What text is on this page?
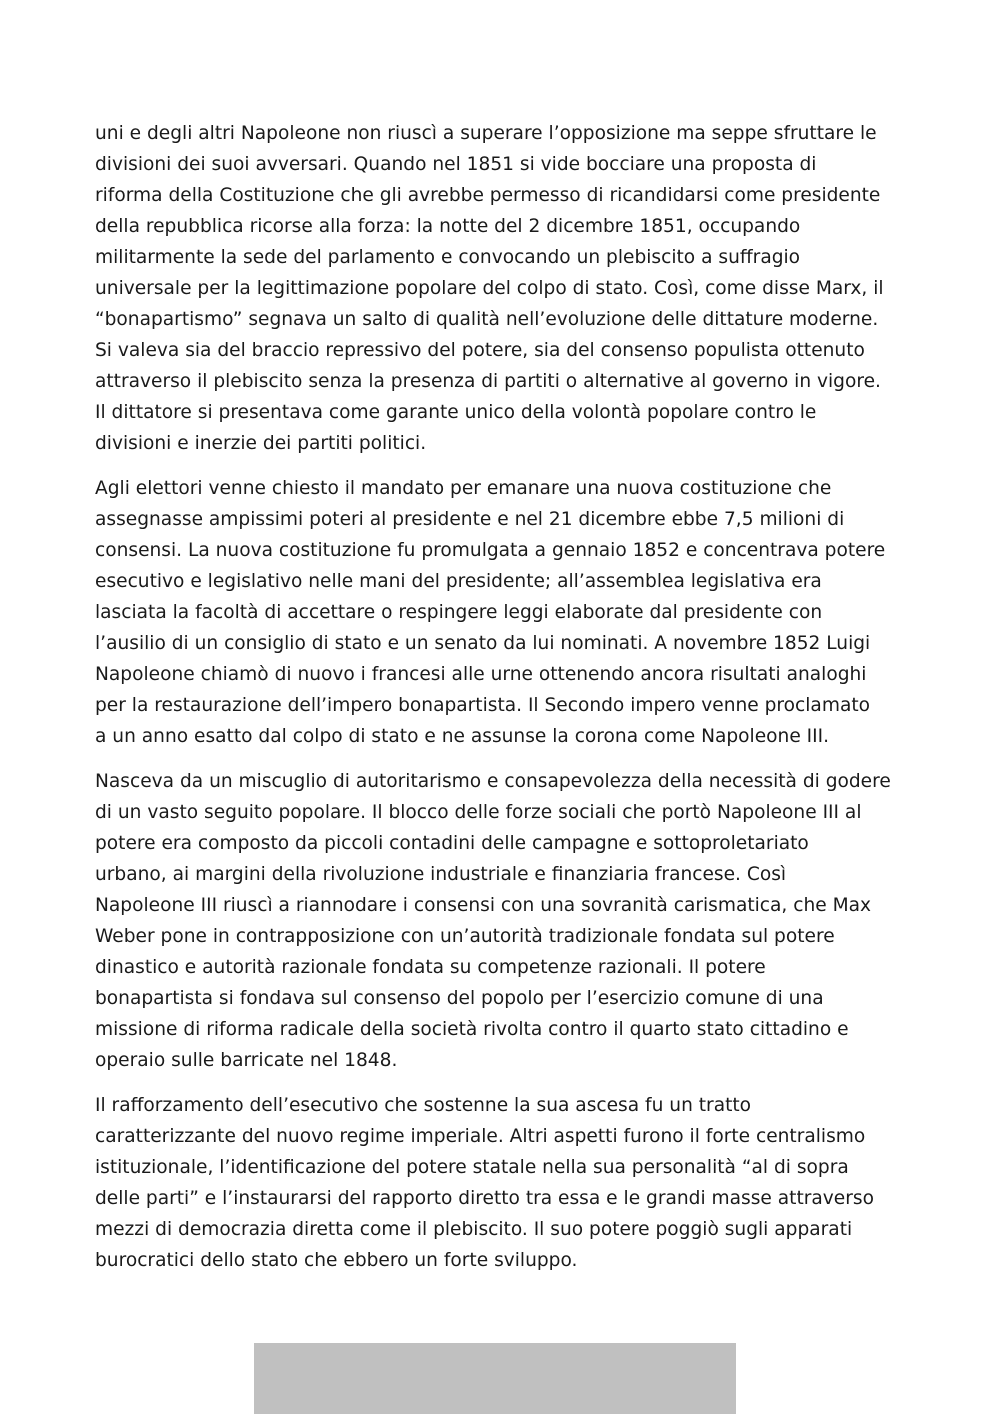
uni e degli altri Napoleone non riuscì a superare l’opposizione ma seppe sfruttare le
divisioni dei suoi avversari. Quando nel 1851 si vide bocciare una proposta di
riforma della Costituzione che gli avrebbe permesso di ricandidarsi come presidente
della repubblica ricorse alla forza: la notte del 2 dicembre 1851, occupando
militarmente la sede del parlamento e convocando un plebiscito a suffragio
universale per la legittimazione popolare del colpo di stato. Così, come disse Marx, il
“bonapartismo” segnava un salto di qualità nell’evoluzione delle dittature moderne.
Si valeva sia del braccio repressivo del potere, sia del consenso populista ottenuto
attraverso il plebiscito senza la presenza di partiti o alternative al governo in vigore.
Il dittatore si presentava come garante unico della volontà popolare contro le
divisioni e inerzie dei partiti politici.

Agli elettori venne chiesto il mandato per emanare una nuova costituzione che
assegnasse ampissimi poteri al presidente e nel 21 dicembre ebbe 7,5 milioni di
consensi. La nuova costituzione fu promulgata a gennaio 1852 e concentrava potere
esecutivo e legislativo nelle mani del presidente; all’assemblea legislativa era
lasciata la facoltà di accettare o respingere leggi elaborate dal presidente con
l’ausilio di un consiglio di stato e un senato da lui nominati. A novembre 1852 Luigi
Napoleone chiamò di nuovo i francesi alle urne ottenendo ancora risultati analoghi
per la restaurazione dell’impero bonapartista. Il Secondo impero venne proclamato
a un anno esatto dal colpo di stato e ne assunse la corona come Napoleone III.

Nasceva da un miscuglio di autoritarismo e consapevolezza della necessità di godere
di un vasto seguito popolare. Il blocco delle forze sociali che portò Napoleone III al
potere era composto da piccoli contadini delle campagne e sottoproletariato
urbano, ai margini della rivoluzione industriale e finanziaria francese. Così
Napoleone III riuscì a riannodare i consensi con una sovranità carismatica, che Max
Weber pone in contrapposizione con un’autorità tradizionale fondata sul potere
dinastico e autorità razionale fondata su competenze razionali. Il potere
bonapartista si fondava sul consenso del popolo per l’esercizio comune di una
missione di riforma radicale della società rivolta contro il quarto stato cittadino e
operaio sulle barricate nel 1848.

Il rafforzamento dell’esecutivo che sostenne la sua ascesa fu un tratto
caratterizzante del nuovo regime imperiale. Altri aspetti furono il forte centralismo
istituzionale, l’identificazione del potere statale nella sua personalità “al di sopra
delle parti” e l’instaurarsi del rapporto diretto tra essa e le grandi masse attraverso
mezzi di democrazia diretta come il plebiscito. Il suo potere poggiò sugli apparati
burocratici dello stato che ebbero un forte sviluppo.
